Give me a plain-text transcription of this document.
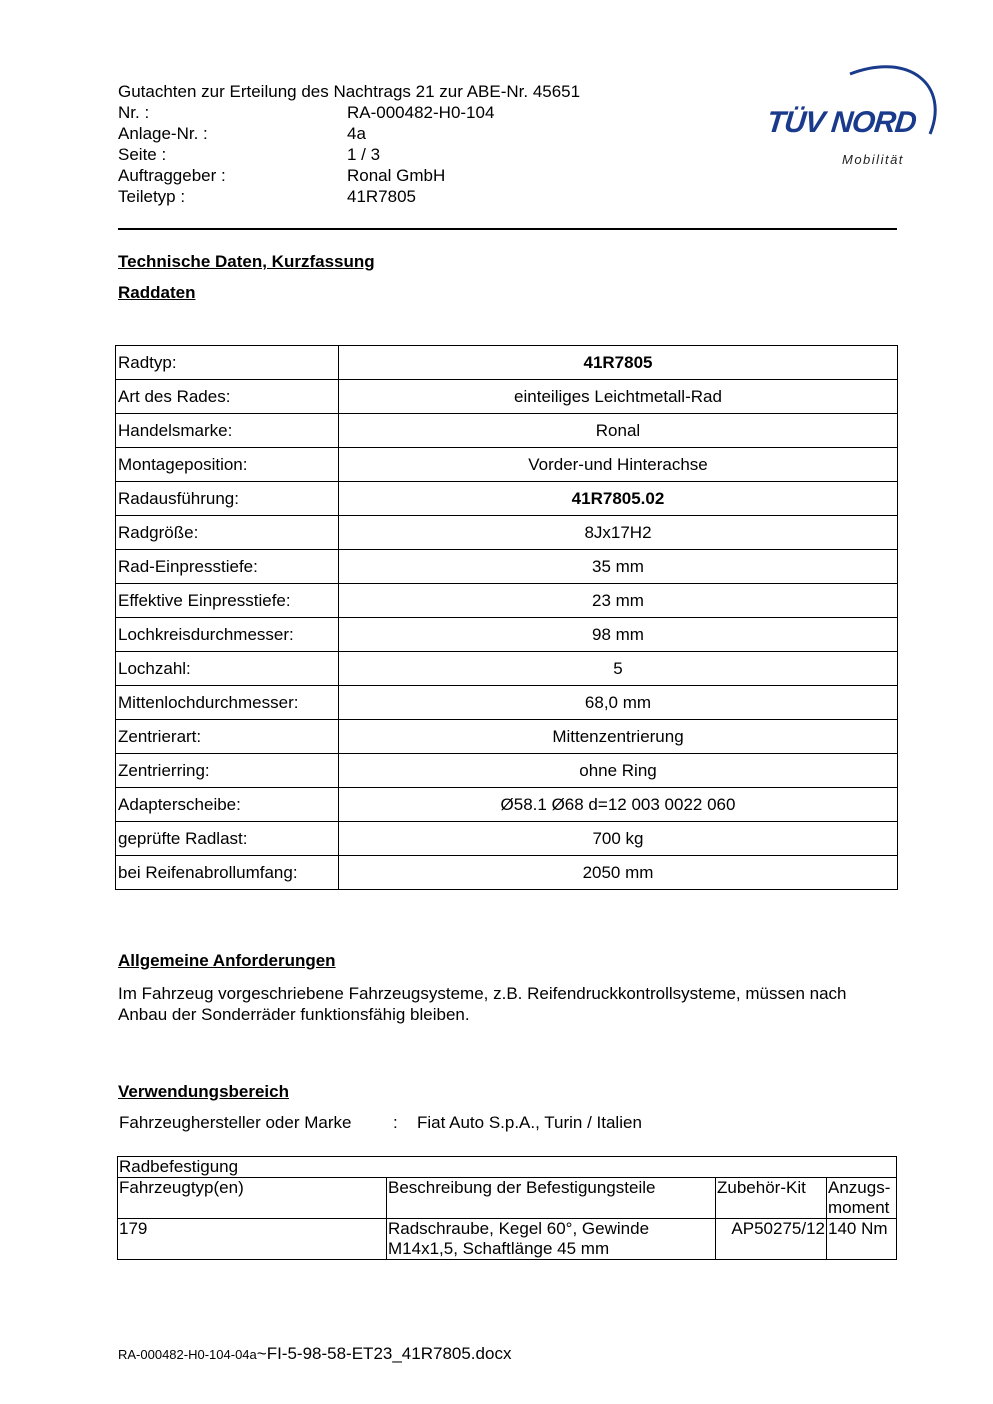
Gutachten zur Erteilung des Nachtrags 21 zur ABE-Nr. 45651
Nr. :	RA-000482-H0-104
Anlage-Nr. :	4a
Seite :	1 / 3
Auftraggeber :	Ronal GmbH
Teiletyp :	41R7805
TÜV NORD
Mobilität
Technische Daten, Kurzfassung
Raddaten
Radtyp:	41R7805
Art des Rades:	einteiliges Leichtmetall-Rad
Handelsmarke:	Ronal
Montageposition:	Vorder-und Hinterachse
Radausführung:	41R7805.02
Radgröße:	8Jx17H2
Rad-Einpresstiefe:	35 mm
Effektive Einpresstiefe:	23 mm
Lochkreisdurchmesser:	98 mm
Lochzahl:	5
Mittenlochdurchmesser:	68,0 mm
Zentrierart:	Mittenzentrierung
Zentrierring:	ohne Ring
Adapterscheibe:	Ø58.1 Ø68 d=12 003 0022 060
geprüfte Radlast:	700 kg
bei Reifenabrollumfang:	2050 mm
Allgemeine Anforderungen
Im Fahrzeug vorgeschriebene Fahrzeugsysteme, z.B. Reifendruckkontrollsysteme, müssen nach Anbau der Sonderräder funktionsfähig bleiben.
Verwendungsbereich
Fahrzeughersteller oder Marke	:	Fiat Auto S.p.A., Turin / Italien
Radbefestigung			
Fahrzeugtyp(en)	Beschreibung der Befestigungsteile	Zubehör-Kit	Anzugs-moment
179	Radschraube, Kegel 60°, Gewinde M14x1,5, Schaftlänge 45 mm	AP50275/12	140 Nm
RA-000482-H0-104-04a~FI-5-98-58-ET23_41R7805.docx
